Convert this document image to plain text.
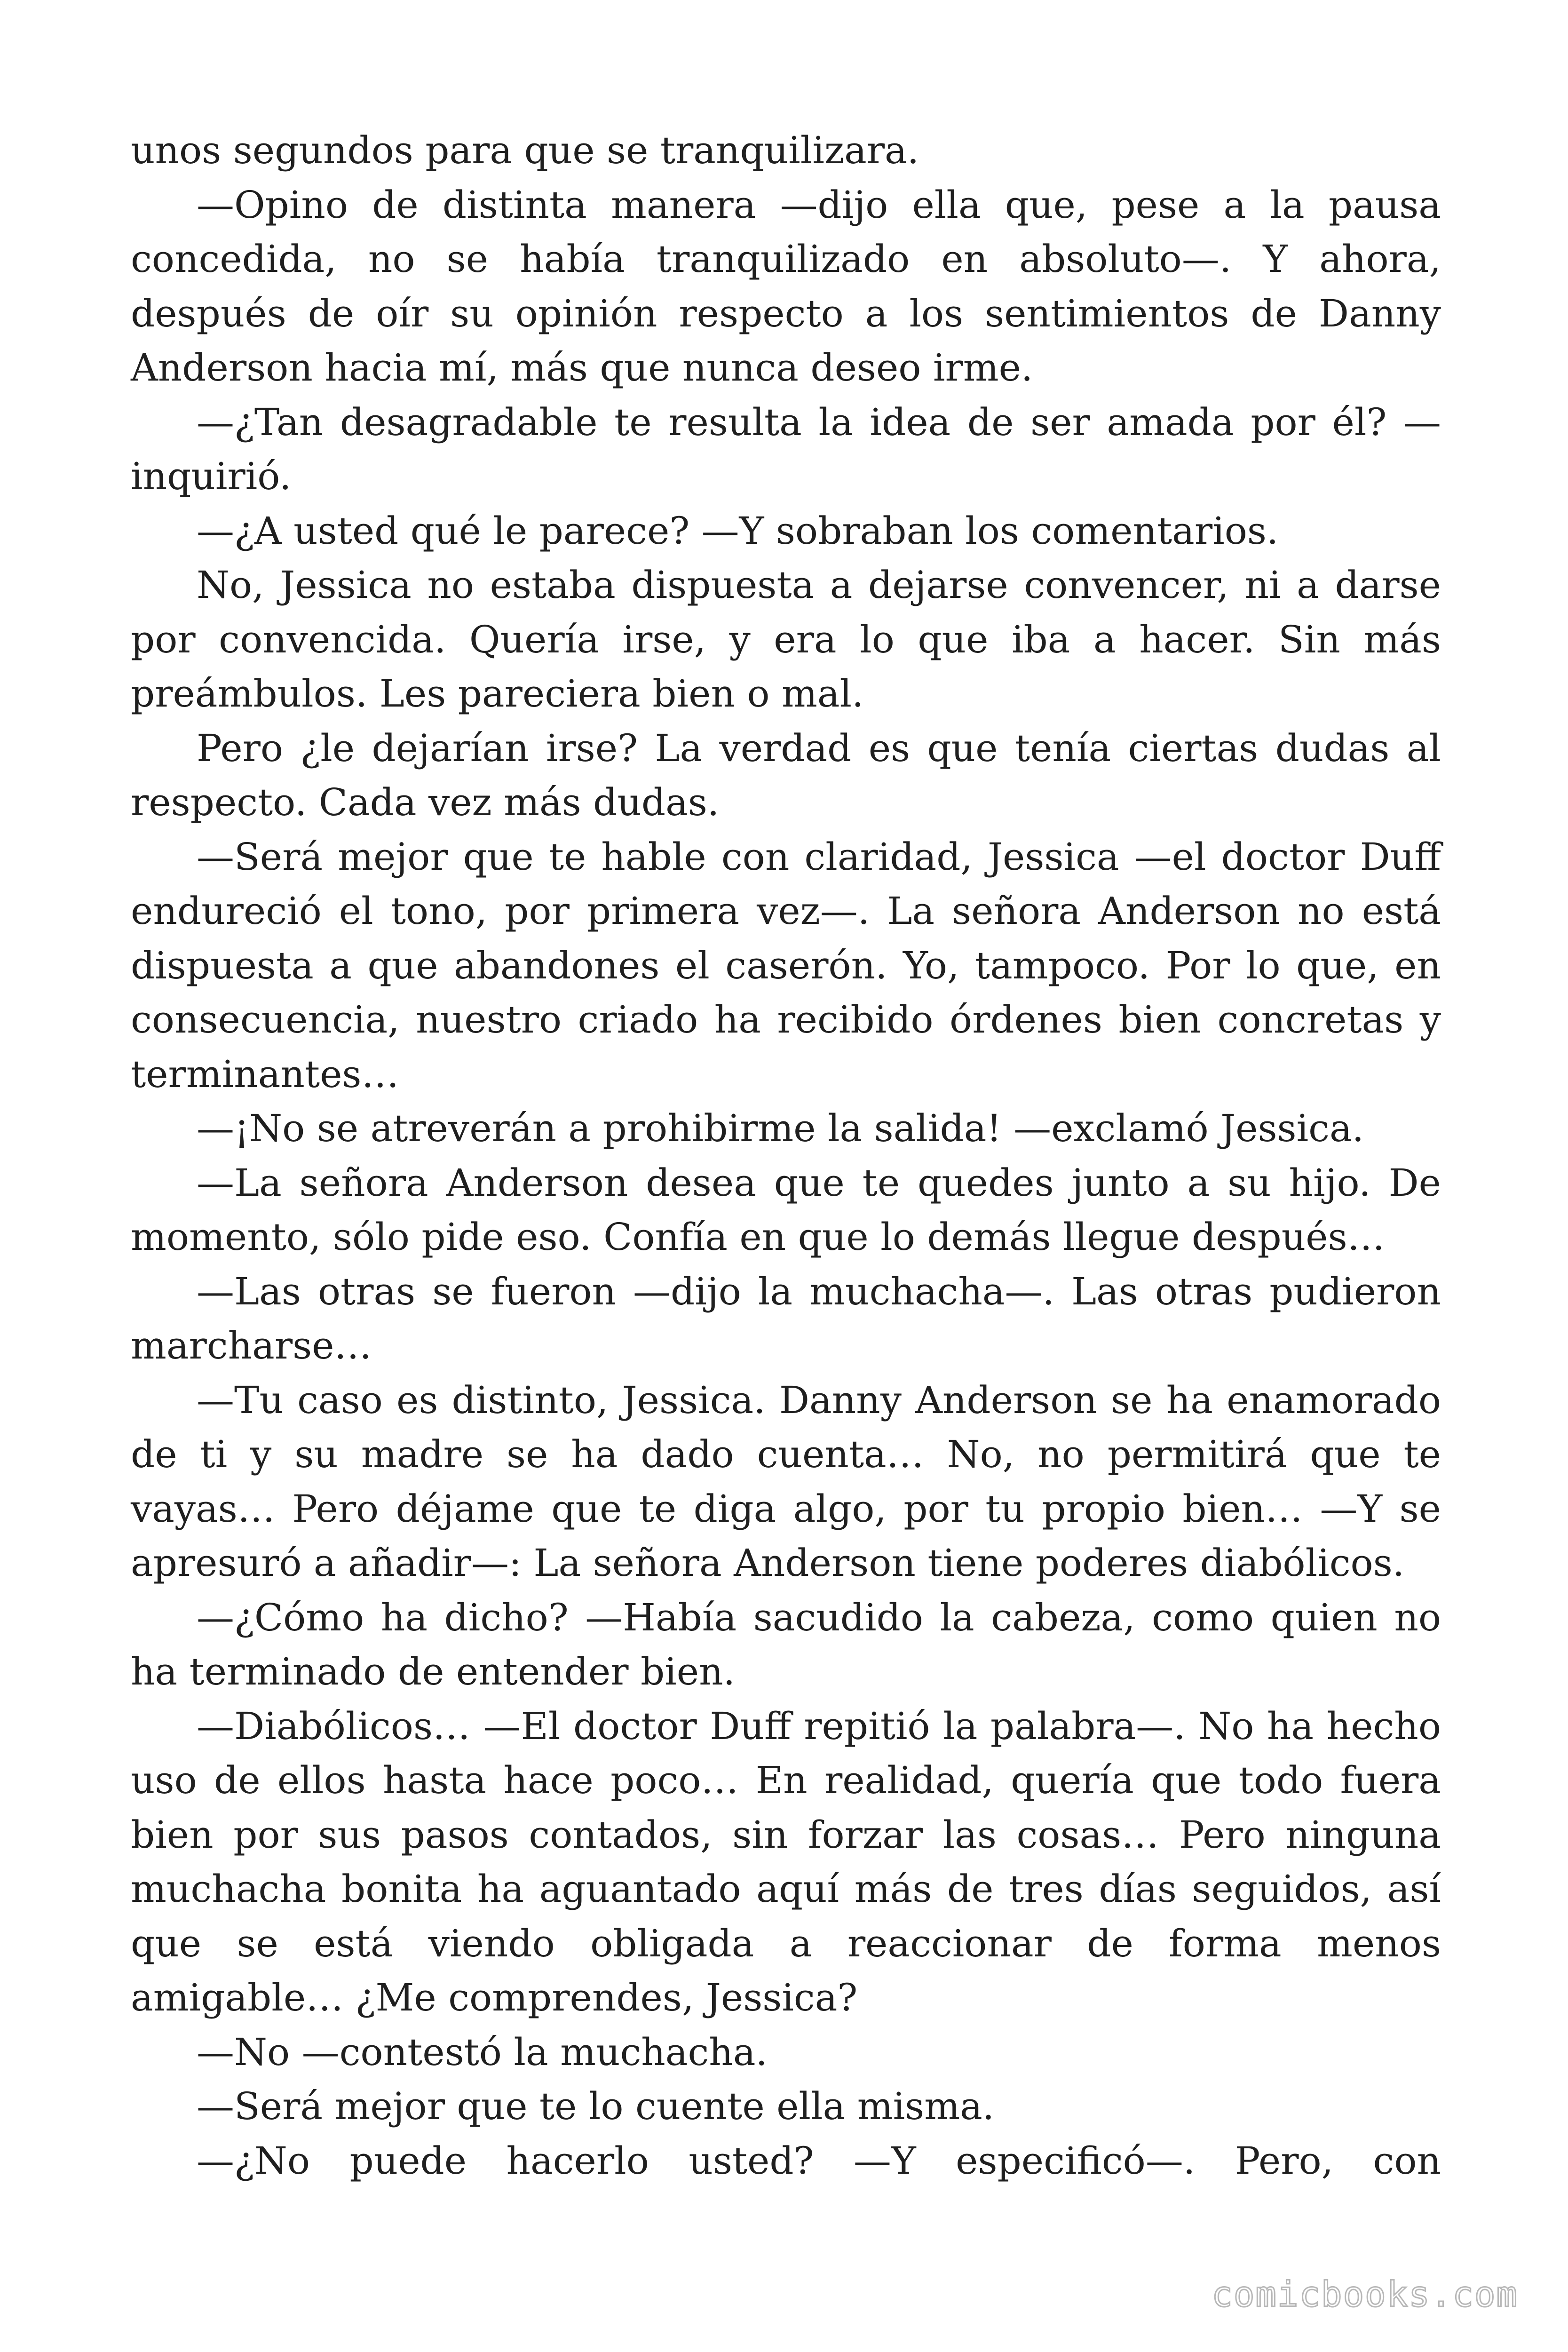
unos segundos para que se tranquilizara.

—Opino de distinta manera —dijo ella que, pese a la pausa concedida, no se había tranquilizado en absoluto—. Y ahora, después de oír su opinión respecto a los sentimientos de Danny Anderson hacia mí, más que nunca deseo irme.

—¿Tan desagradable te resulta la idea de ser amada por él? —inquirió.

—¿A usted qué le parece? —Y sobraban los comentarios.

No, Jessica no estaba dispuesta a dejarse convencer, ni a darse por convencida. Quería irse, y era lo que iba a hacer. Sin más preámbulos. Les pareciera bien o mal.

Pero ¿le dejarían irse? La verdad es que tenía ciertas dudas al respecto. Cada vez más dudas.

—Será mejor que te hable con claridad, Jessica —el doctor Duff endureció el tono, por primera vez—. La señora Anderson no está dispuesta a que abandones el caserón. Yo, tampoco. Por lo que, en consecuencia, nuestro criado ha recibido órdenes bien concretas y terminantes…

—¡No se atreverán a prohibirme la salida! —exclamó Jessica.

—La señora Anderson desea que te quedes junto a su hijo. De momento, sólo pide eso. Confía en que lo demás llegue después…

—Las otras se fueron —dijo la muchacha—. Las otras pudieron marcharse…

—Tu caso es distinto, Jessica. Danny Anderson se ha enamorado de ti y su madre se ha dado cuenta… No, no permitirá que te vayas… Pero déjame que te diga algo, por tu propio bien… —Y se apresuró a añadir—: La señora Anderson tiene poderes diabólicos.

—¿Cómo ha dicho? —Había sacudido la cabeza, como quien no ha terminado de entender bien.

—Diabólicos… —El doctor Duff repitió la palabra—. No ha hecho uso de ellos hasta hace poco… En realidad, quería que todo fuera bien por sus pasos contados, sin forzar las cosas… Pero ninguna muchacha bonita ha aguantado aquí más de tres días seguidos, así que se está viendo obligada a reaccionar de forma menos amigable… ¿Me comprendes, Jessica?

—No —contestó la muchacha.

—Será mejor que te lo cuente ella misma.

—¿No puede hacerlo usted? —Y especificó—. Pero, con

comicbooks.com
